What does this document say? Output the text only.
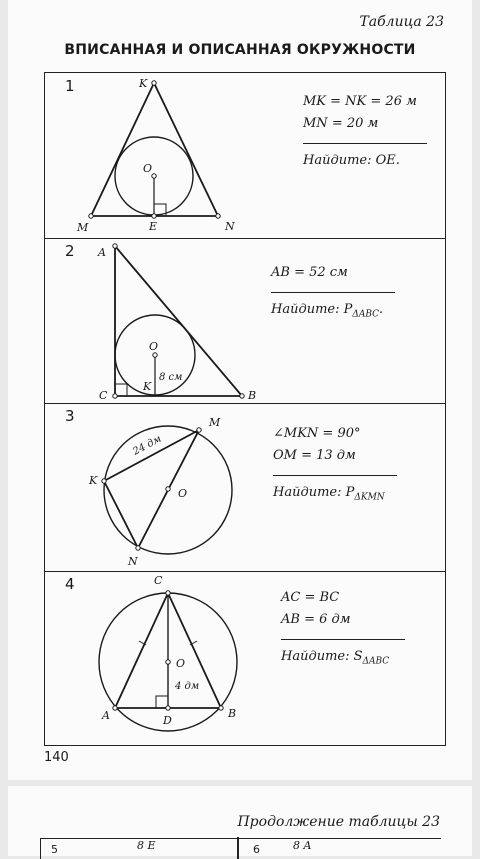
Таблица 23
ВПИСАННАЯ И ОПИСАННАЯ ОКРУЖНОСТИ
1	K
M	N
O
E
MK = NK = 26 м
MN = 20 м
Найдите: OE.
2 A
C	B
O
K
8 см
AB = 52 см
Найдите: $P_{\Delta ABC}$.
3	M
K
N
O
24 дм
∠MKN = 90°
OM = 13 дм
Найдите: $P_{\Delta KMN}$
4	C
A	B
D
O
4 дм
AC = BC
AB = 6 дм
Найдите: $S_{\Delta ABC}$
140
Продолжение таблицы 23
5	8 E	6	8 A
